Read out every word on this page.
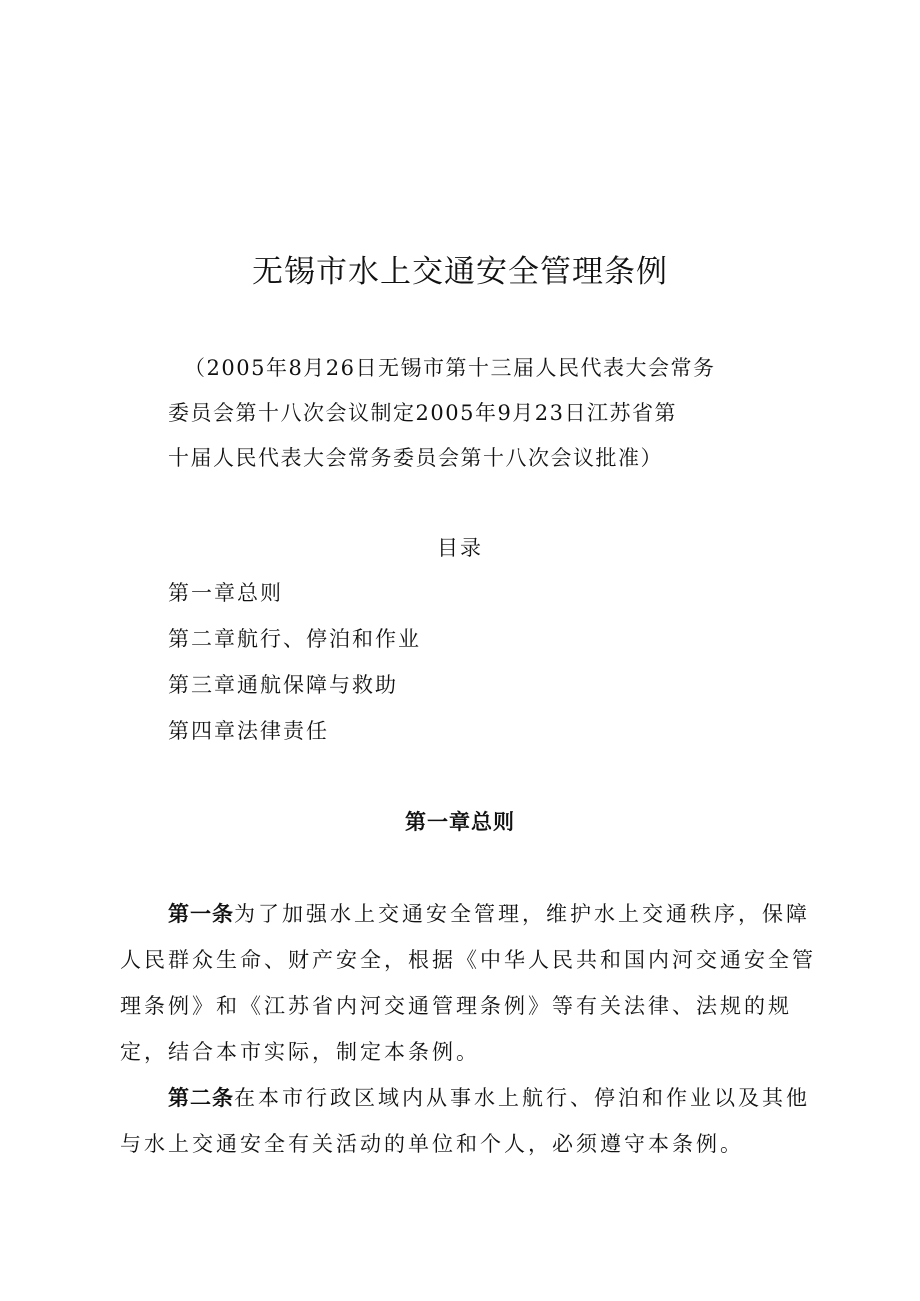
无锡市水上交通安全管理条例
（2005年8月26日无锡市第十三届人民代表大会常务
委员会第十八次会议制定2005年9月23日江苏省第
十届人民代表大会常务委员会第十八次会议批准）
目录
第一章总则
第二章航行、停泊和作业
第三章通航保障与救助
第四章法律责任
第一章总则
第一条为了加强水上交通安全管理，维护水上交通秩序，保障
人民群众生命、财产安全，根据《中华人民共和国内河交通安全管
理条例》和《江苏省内河交通管理条例》等有关法律、法规的规
定，结合本市实际，制定本条例。
第二条在本市行政区域内从事水上航行、停泊和作业以及其他
与水上交通安全有关活动的单位和个人，必须遵守本条例。
